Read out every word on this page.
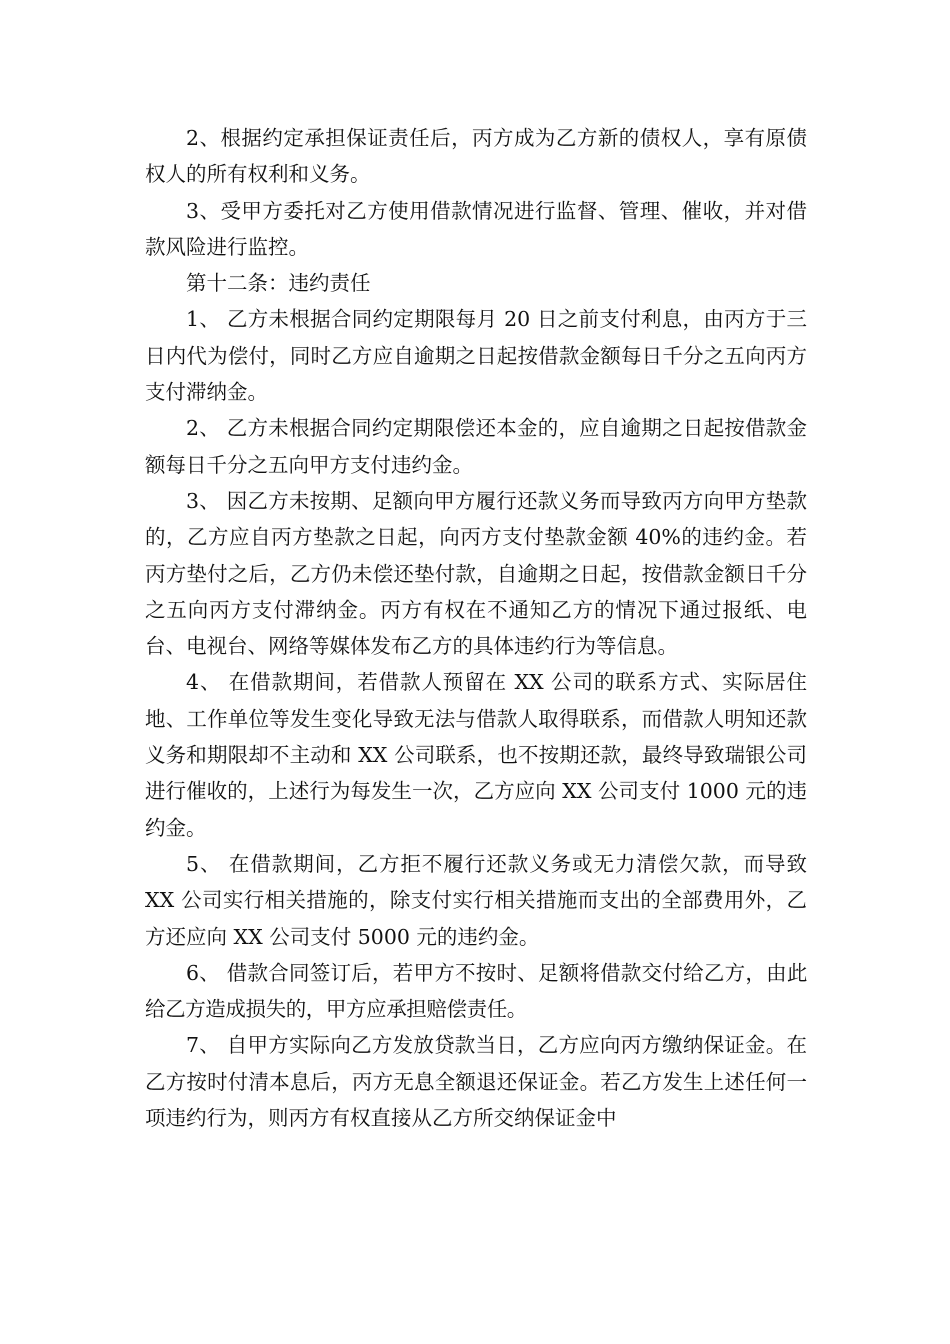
2、根据约定承担保证责任后，丙方成为乙方新的债权人，享有原债权人的所有权利和义务。

3、受甲方委托对乙方使用借款情况进行监督、管理、催收，并对借款风险进行监控。

第十二条：违约责任

1、 乙方未根据合同约定期限每月 20 日之前支付利息，由丙方于三日内代为偿付，同时乙方应自逾期之日起按借款金额每日千分之五向丙方支付滞纳金。

2、 乙方未根据合同约定期限偿还本金的，应自逾期之日起按借款金额每日千分之五向甲方支付违约金。

3、 因乙方未按期、足额向甲方履行还款义务而导致丙方向甲方垫款的，乙方应自丙方垫款之日起，向丙方支付垫款金额 40%的违约金。若丙方垫付之后，乙方仍未偿还垫付款，自逾期之日起，按借款金额日千分之五向丙方支付滞纳金。丙方有权在不通知乙方的情况下通过报纸、电台、电视台、网络等媒体发布乙方的具体违约行为等信息。

4、 在借款期间，若借款人预留在 XX 公司的联系方式、实际居住地、工作单位等发生变化导致无法与借款人取得联系，而借款人明知还款义务和期限却不主动和 XX 公司联系，也不按期还款，最终导致瑞银公司进行催收的，上述行为每发生一次，乙方应向 XX 公司支付 1000 元的违约金。

5、 在借款期间，乙方拒不履行还款义务或无力清偿欠款，而导致 XX 公司实行相关措施的，除支付实行相关措施而支出的全部费用外，乙方还应向 XX 公司支付 5000 元的违约金。

6、 借款合同签订后，若甲方不按时、足额将借款交付给乙方，由此给乙方造成损失的，甲方应承担赔偿责任。

7、 自甲方实际向乙方发放贷款当日，乙方应向丙方缴纳保证金。在乙方按时付清本息后，丙方无息全额退还保证金。若乙方发生上述任何一项违约行为，则丙方有权直接从乙方所交纳保证金中
